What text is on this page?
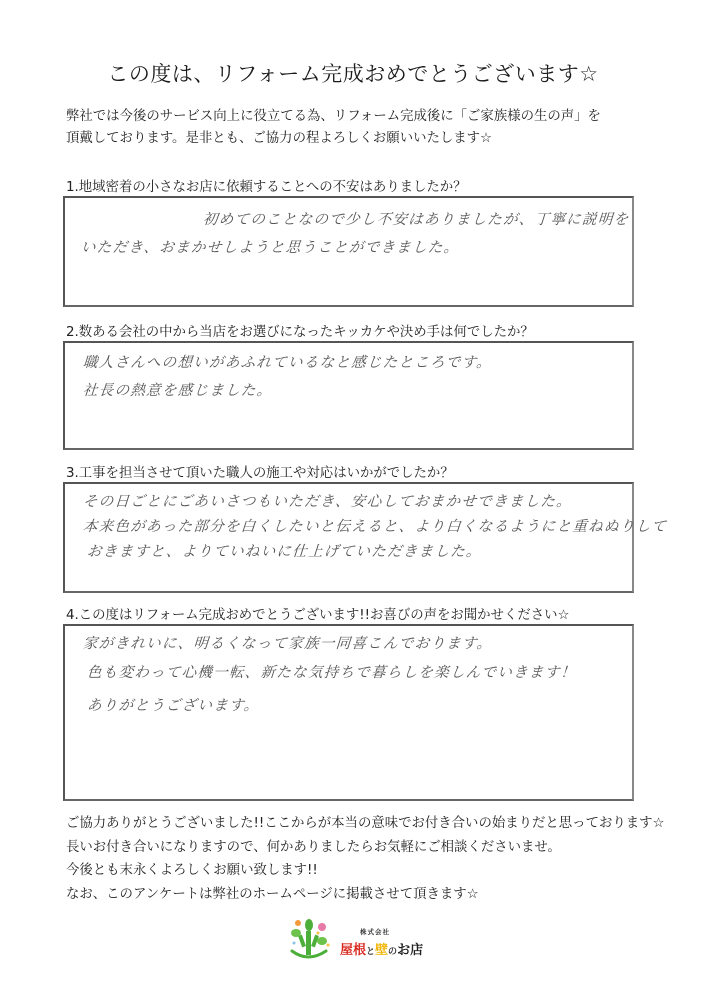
この度は、リフォーム完成おめでとうございます☆
弊社では今後のサービス向上に役立てる為、リフォーム完成後に「ご家族様の生の声」を
頂戴しております。是非とも、ご協力の程よろしくお願いいたします☆
1.地域密着の小さなお店に依頼することへの不安はありましたか？
初めてのことなので少し不安はありましたが、丁寧に説明を
いただき、おまかせしようと思うことができました。
2.数ある会社の中から当店をお選びになったキッカケや決め手は何でしたか？
職人さんへの想いがあふれているなと感じたところです。
社長の熱意を感じました。
3.工事を担当させて頂いた職人の施工や対応はいかがでしたか？
その日ごとにごあいさつもいただき、安心しておまかせできました。
本来色があった部分を白くしたいと伝えると、より白くなるようにと重ねぬりして
おきますと、よりていねいに仕上げていただきました。
4.この度はリフォーム完成おめでとうございます!!お喜びの声をお聞かせください☆
家がきれいに、明るくなって家族一同喜こんでおります。
色も変わって心機一転、新たな気持ちで暮らしを楽しんでいきます！
ありがとうございます。
ご協力ありがとうございました!!ここからが本当の意味でお付き合いの始まりだと思っております☆
長いお付き合いになりますので、何かありましたらお気軽にご相談くださいませ。
今後とも末永くよろしくお願い致します!!
なお、このアンケートは弊社のホームページに掲載させて頂きます☆
株式会社
屋根と壁のお店
